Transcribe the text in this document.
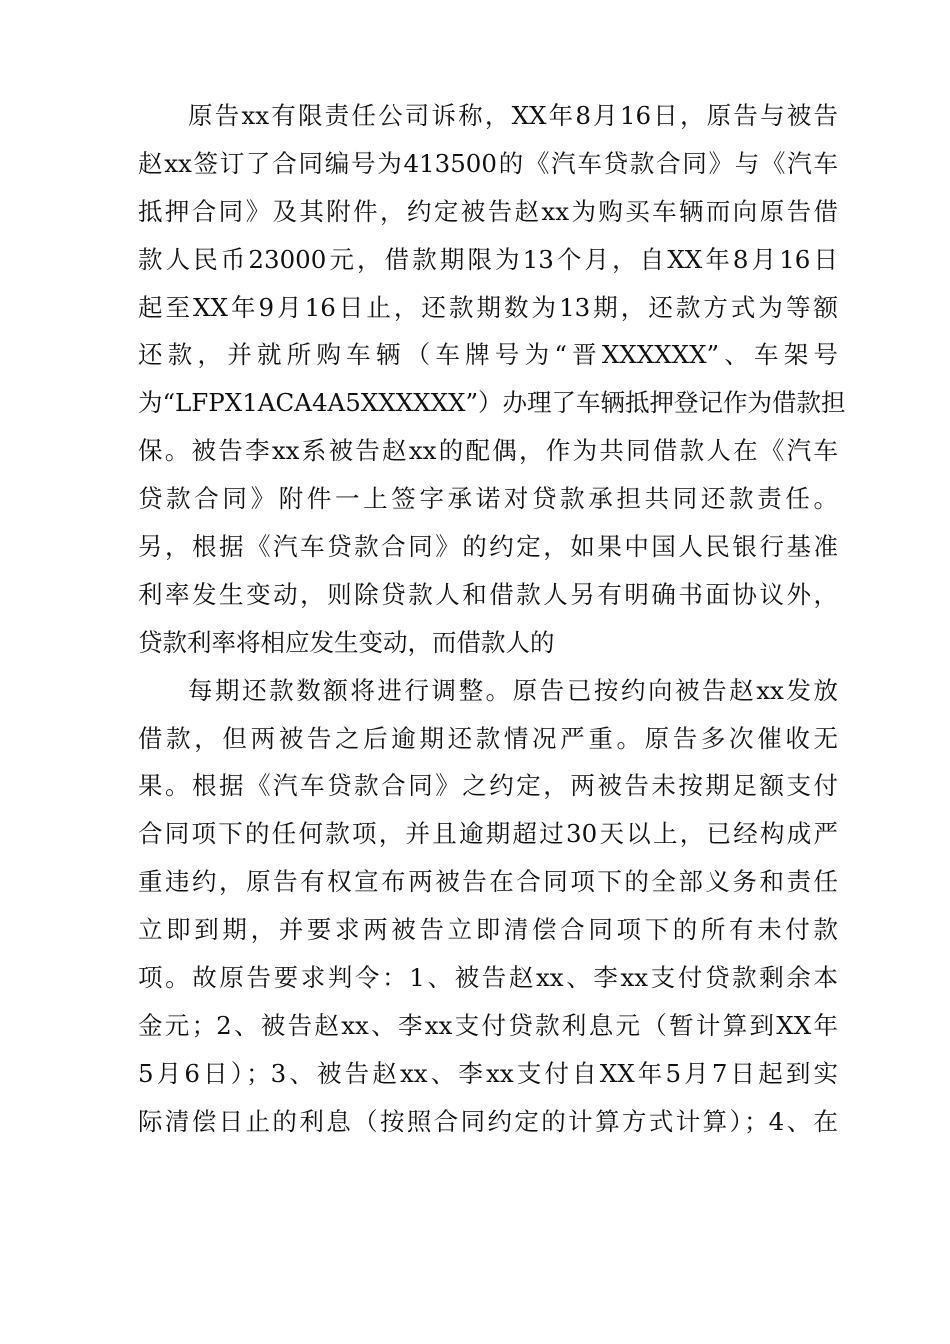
原告xx有限责任公司诉称，XX年8月16日，原告与被告
赵xx签订了合同编号为413500的《汽车贷款合同》与《汽车
抵押合同》及其附件，约定被告赵xx为购买车辆而向原告借
款人民币23000元，借款期限为13个月，自XX年8月16日
起至XX年9月16日止，还款期数为13期，还款方式为等额
还款，并就所购车辆（车牌号为“晋XXXXXX”、车架号
为“LFPX1ACA4A5XXXXXX”）办理了车辆抵押登记作为借款担
保。被告李xx系被告赵xx的配偶，作为共同借款人在《汽车
贷款合同》附件一上签字承诺对贷款承担共同还款责任。
另，根据《汽车贷款合同》的约定，如果中国人民银行基准
利率发生变动，则除贷款人和借款人另有明确书面协议外，
贷款利率将相应发生变动，而借款人的
每期还款数额将进行调整。原告已按约向被告赵xx发放
借款，但两被告之后逾期还款情况严重。原告多次催收无
果。根据《汽车贷款合同》之约定，两被告未按期足额支付
合同项下的任何款项，并且逾期超过30天以上，已经构成严
重违约，原告有权宣布两被告在合同项下的全部义务和责任
立即到期，并要求两被告立即清偿合同项下的所有未付款
项。故原告要求判令：1、被告赵xx、李xx支付贷款剩余本
金元；2、被告赵xx、李xx支付贷款利息元（暂计算到XX年
5月6日）；3、被告赵xx、李xx支付自XX年5月7日起到实
际清偿日止的利息（按照合同约定的计算方式计算）；4、在
